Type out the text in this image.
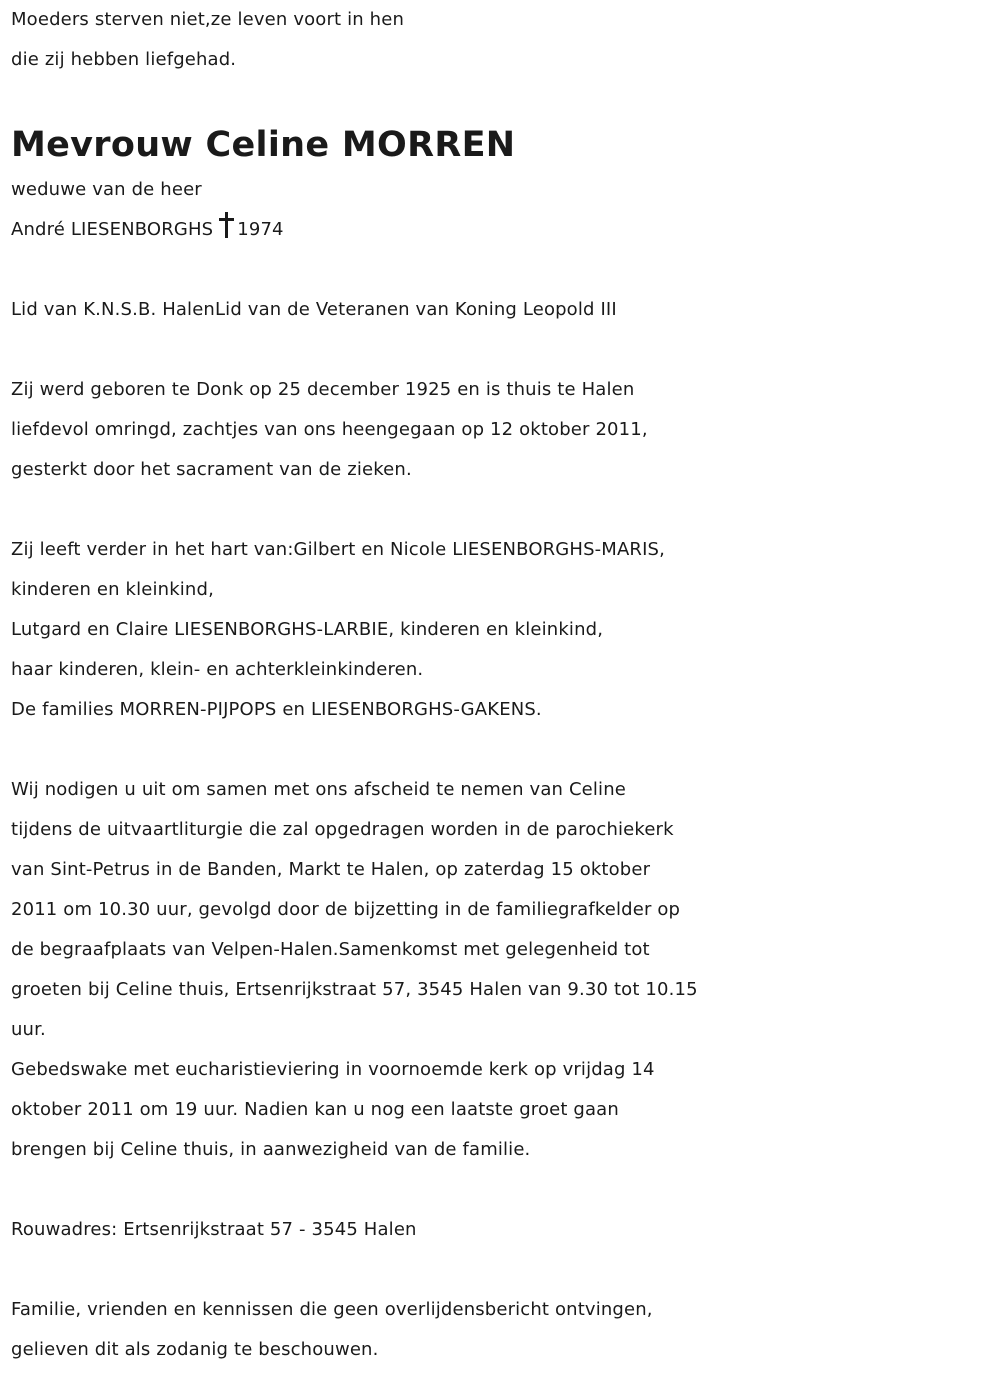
Moeders sterven niet,ze leven voort in hen
die zij hebben liefgehad.
Mevrouw Celine MORREN
weduwe van de heer
André LIESENBORGHS 1974
Lid van K.N.S.B. HalenLid van de Veteranen van Koning Leopold III
Zij werd geboren te Donk op 25 december 1925 en is thuis te Halen
liefdevol omringd, zachtjes van ons heengegaan op 12 oktober 2011,
gesterkt door het sacrament van de zieken.
Zij leeft verder in het hart van:Gilbert en Nicole LIESENBORGHS-MARIS,
kinderen en kleinkind,
Lutgard en Claire LIESENBORGHS-LARBIE, kinderen en kleinkind,
haar kinderen, klein- en achterkleinkinderen.
De families MORREN-PIJPOPS en LIESENBORGHS-GAKENS.
Wij nodigen u uit om samen met ons afscheid te nemen van Celine
tijdens de uitvaartliturgie die zal opgedragen worden in de parochiekerk
van Sint-Petrus in de Banden, Markt te Halen, op zaterdag 15 oktober
2011 om 10.30 uur, gevolgd door de bijzetting in de familiegrafkelder op
de begraafplaats van Velpen-Halen.Samenkomst met gelegenheid tot
groeten bij Celine thuis, Ertsenrijkstraat 57, 3545 Halen van 9.30 tot 10.15
uur.
Gebedswake met eucharistieviering in voornoemde kerk op vrijdag 14
oktober 2011 om 19 uur. Nadien kan u nog een laatste groet gaan
brengen bij Celine thuis, in aanwezigheid van de familie.
Rouwadres: Ertsenrijkstraat 57 - 3545 Halen
Familie, vrienden en kennissen die geen overlijdensbericht ontvingen,
gelieven dit als zodanig te beschouwen.
